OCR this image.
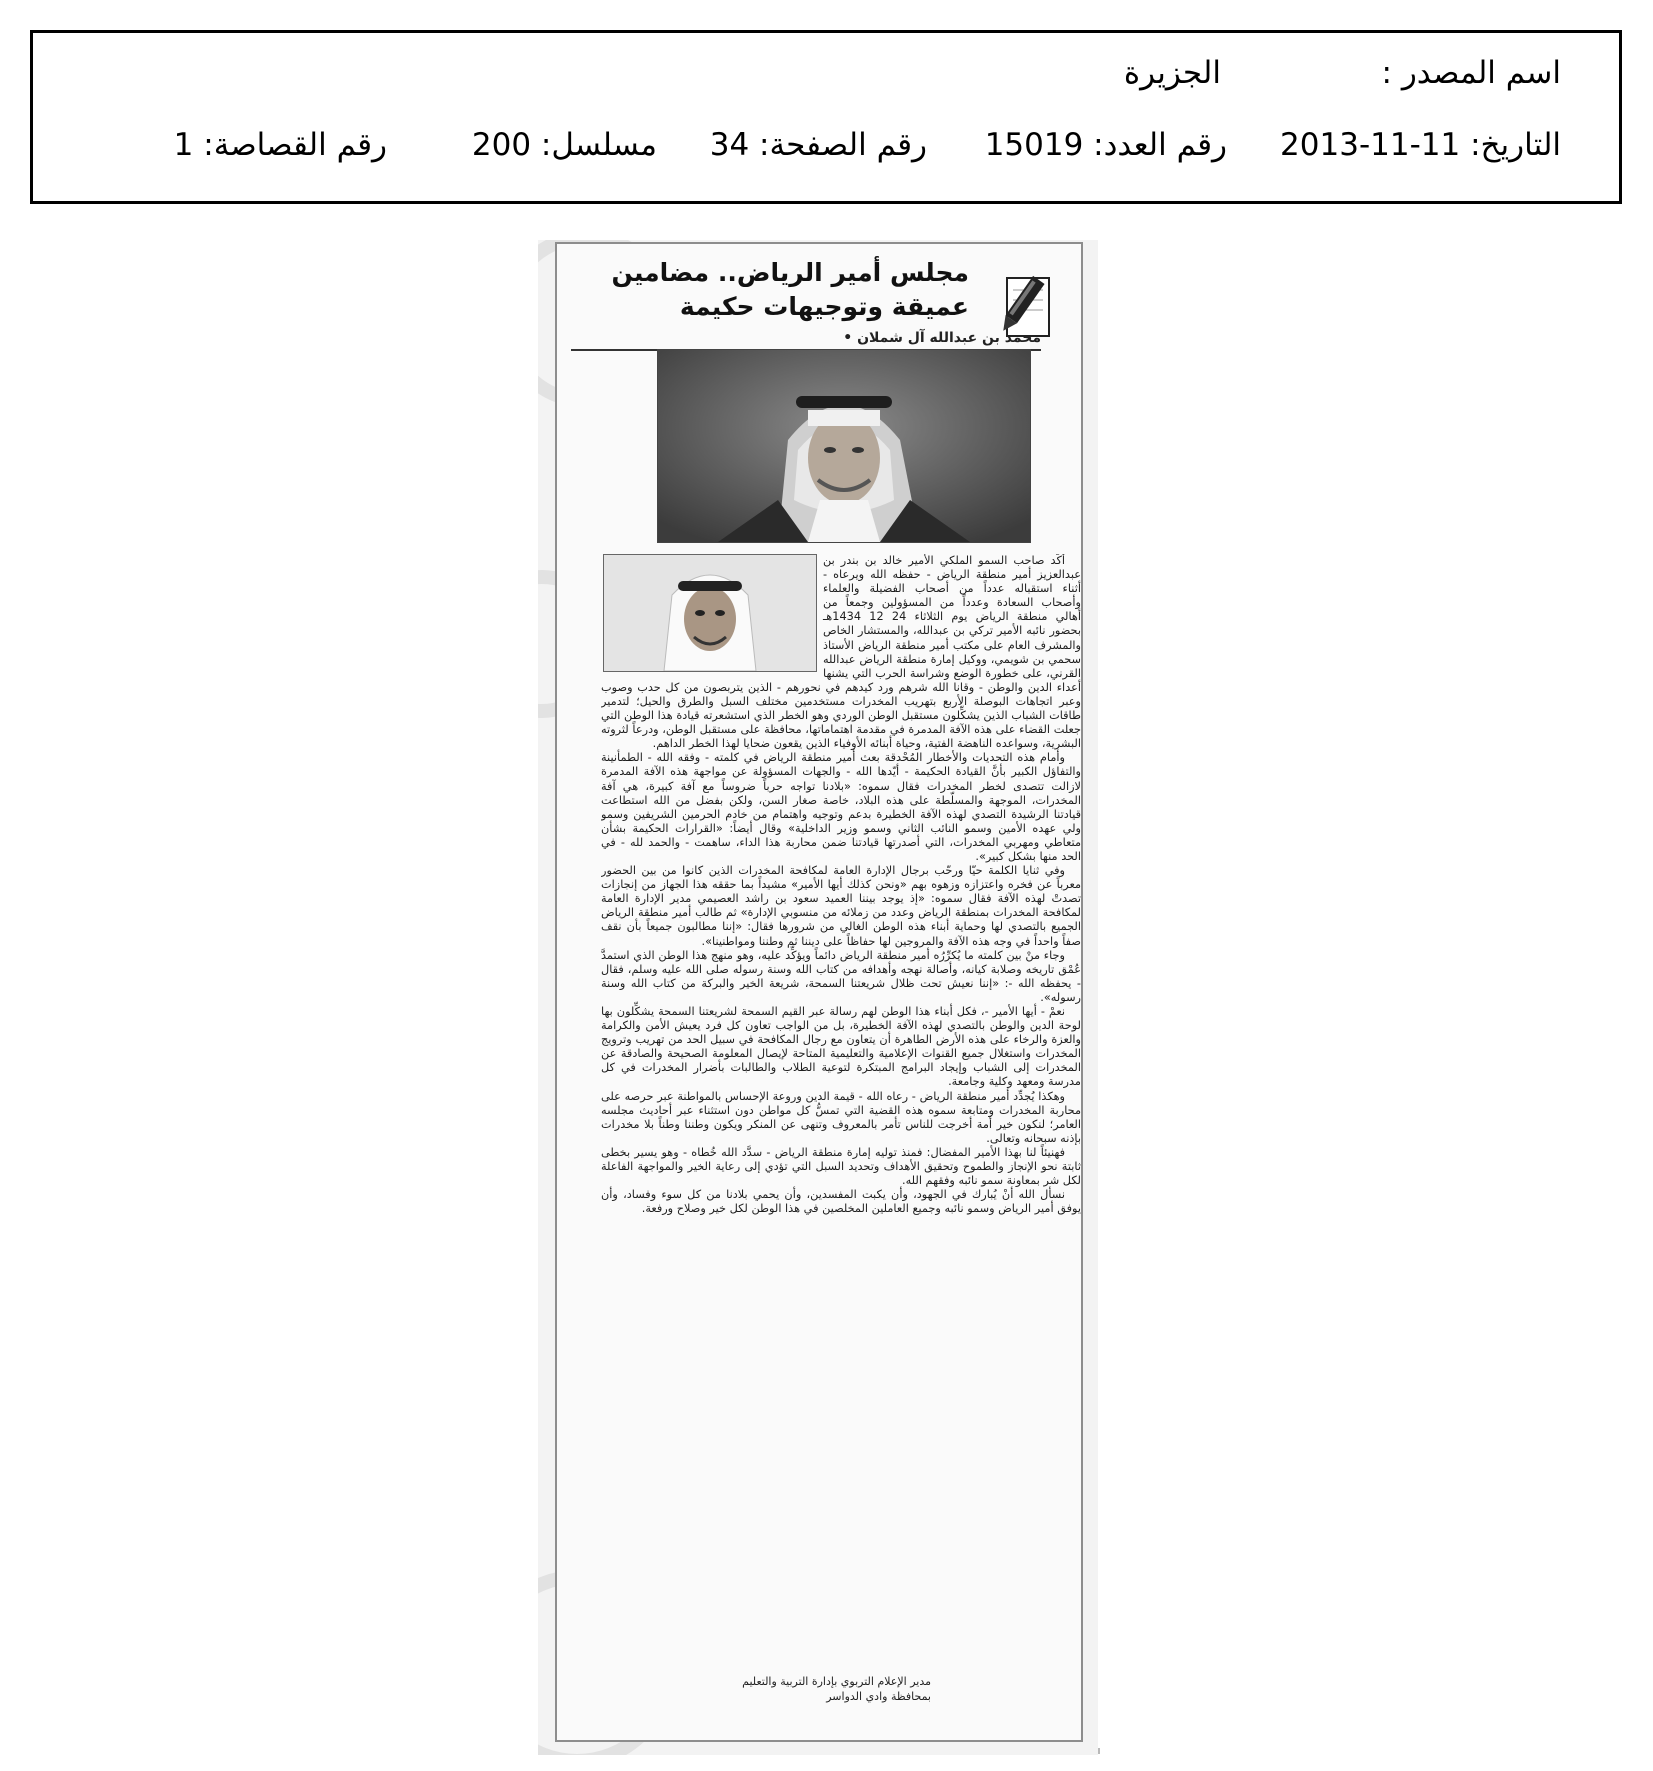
اسم المصدر :
الجزيرة
التاريخ: 11-11-2013
رقم العدد: 15019
رقم الصفحة: 34
مسلسل: 200
رقم القصاصة: 1
مجلس أمير الرياض.. مضامين
عميقة وتوجيهات حكيمة
محمد بن عبدالله آل شملان •

أكَّد صاحب السمو الملكي الأمير خالد بن بندر بن عبدالعزيز أمير منطقة الرياض - حفظه الله ويرعاه - أثناء استقباله عدداً من أصحاب الفضيلة والعلماء وأصحاب السعادة وعدداً من المسؤولين وجمعاً من أهالي منطقة الرياض يوم الثلاثاء 24 12 1434هـ بحضور نائبه الأمير تركي بن عبدالله، والمستشار الخاص والمشرف العام على مكتب أمير منطقة الرياض الأستاذ سحمي بن شويمي، ووكيل إمارة منطقة الرياض عبدالله القرني، على خطورة الوضع وشراسة الحرب التي يشنها أعداء الدين والوطن - وقانا الله شرهم ورد كيدهم في نحورهم - الذين يتربصون من كل حدب وصوب وعبر اتجاهات البوصلة الأربع بتهريب المخدرات مستخدمين مختلف السبل والطرق والحيل؛ لتدمير طاقات الشباب الذين يشكِّلون مستقبل الوطن الوردي وهو الخطر الذي استشعرته قيادة هذا الوطن التي جعلت القضاء على هذه الآفة المدمرة في مقدمة اهتماماتها، محافظة على مستقبل الوطن، ودرعاً لثروته البشرية، وسواعده الناهضة الفتية، وحياة أبنائه الأوفياء الذين يقعون ضحايا لهذا الخطر الداهم.

وأمام هذه التحديات والأخطار المُحْدقة بعث أمير منطقة الرياض في كلمته - وفقه الله - الطمأنينة والتفاؤل الكبير بأنَّ القيادة الحكيمة - أيّدها الله - والجهات المسؤولة عن مواجهة هذه الآفة المدمرة لازالت تتصدى لخطر المخدرات فقال سموه: «بلادنا تواجه حرباً ضروساً مع آفة كبيرة، هي آفة المخدرات، الموجهة والمسلّطة على هذه البلاد، خاصة صغار السن، ولكن بفضل من الله استطاعت قيادتنا الرشيدة التصدي لهذه الآفة الخطيرة بدعم وتوجيه واهتمام من خادم الحرمين الشريفين وسمو ولي عهده الأمين وسمو النائب الثاني وسمو وزير الداخلية» وقال أيضاً: «القرارات الحكيمة بشأن متعاطي ومهربي المخدرات، التي أصدرتها قيادتنا ضمن محاربة هذا الداء، ساهمت - والحمد لله - في الحد منها بشكل كبير».

وفي ثنايا الكلمة حيّا ورحّب برجال الإدارة العامة لمكافحة المخدرات الذين كانوا من بين الحضور معرباً عن فخره واعتزازه وزهوه بهم «ونحن كذلك أيها الأمير» مشيداً بما حققه هذا الجهاز من إنجازات تصدتْ لهذه الآفة فقال سموه: «إذ يوجد بيننا العميد سعود بن راشد العصيمي مدير الإدارة العامة لمكافحة المخدرات بمنطقة الرياض وعدد من زملائه من منسوبي الإدارة» ثم طالب أمير منطقة الرياض الجميع بالتصدي لها وحماية أبناء هذه الوطن الغالي من شرورها فقال: «إننا مطالبون جميعاً بأن نقف صفاً واحداً في وجه هذه الآفة والمروجين لها حفاظاً على ديننا ثم وطننا ومواطنينا».

وجاء منْ بين كلمته ما يُكرِّرُه أمير منطقة الرياض دائماً ويؤكِّد عليه، وهو منهج هذا الوطن الذي استمدَّ عُمْق تاريخه وصلابة كيانه، وأصالة نهجه وأهدافه من كتاب الله وسنة رسوله صلى الله عليه وسلم، فقال - يحفظه الله -: «إننا نعيش تحت ظلال شريعتنا السمحة، شريعة الخير والبركة من كتاب الله وسنة رسوله».

نعمْ - أيها الأمير -، فكل أبناء هذا الوطن لهم رسالة عبر القيم السمحة لشريعتنا السمحة يشكِّلون بها لوحة الدين والوطن بالتصدي لهذه الآفة الخطيرة، بل من الواجب تعاون كل فرد يعيش الأمن والكرامة والعزة والرخاء على هذه الأرض الطاهرة أن يتعاون مع رجال المكافحة في سبيل الحد من تهريب وترويج المخدرات واستغلال جميع القنوات الإعلامية والتعليمية المتاحة لإيصال المعلومة الصحيحة والصادقة عن المخدرات إلى الشباب وإيجاد البرامج المبتكرة لتوعية الطلاب والطالبات بأضرار المخدرات في كل مدرسة ومعهد وكلية وجامعة.

وهكذا يُجدِّد أمير منطقة الرياض - رعاه الله - قيمة الدين وروعة الإحساس بالمواطنة عبر حرصه على محاربة المخدرات ومتابعة سموه هذه القضية التي تمسُّ كل مواطن دون استثناء عبر أحاديث مجلسه العامر؛ لنكون خير أمة أخرجت للناس تأمر بالمعروف وتنهى عن المنكر ويكون وطننا وطناً بلا مخدرات بإذنه سبحانه وتعالى.

فهنيئاً لنا بهذا الأمير المفضال: فمنذ توليه إمارة منطقة الرياض - سدَّد الله خُطاه - وهو يسير بخطى ثابتة نحو الإنجاز والطموح وتحقيق الأهداف وتحديد السبل التي تؤدي إلى رعاية الخير والمواجهة الفاعلة لكل شر بمعاونة سمو نائبه وفقهم الله.

نسأل الله أنْ يُبارك في الجهود، وأن يكبت المفسدين، وأن يحمي بلادنا من كل سوء وفساد، وأن يوفق أمير الرياض وسمو نائبه وجميع العاملين المخلصين في هذا الوطن لكل خير وصلاح ورفعة.

مدير الإعلام التربوي بإدارة التربية والتعليم
بمحافظة وادي الدواسر
